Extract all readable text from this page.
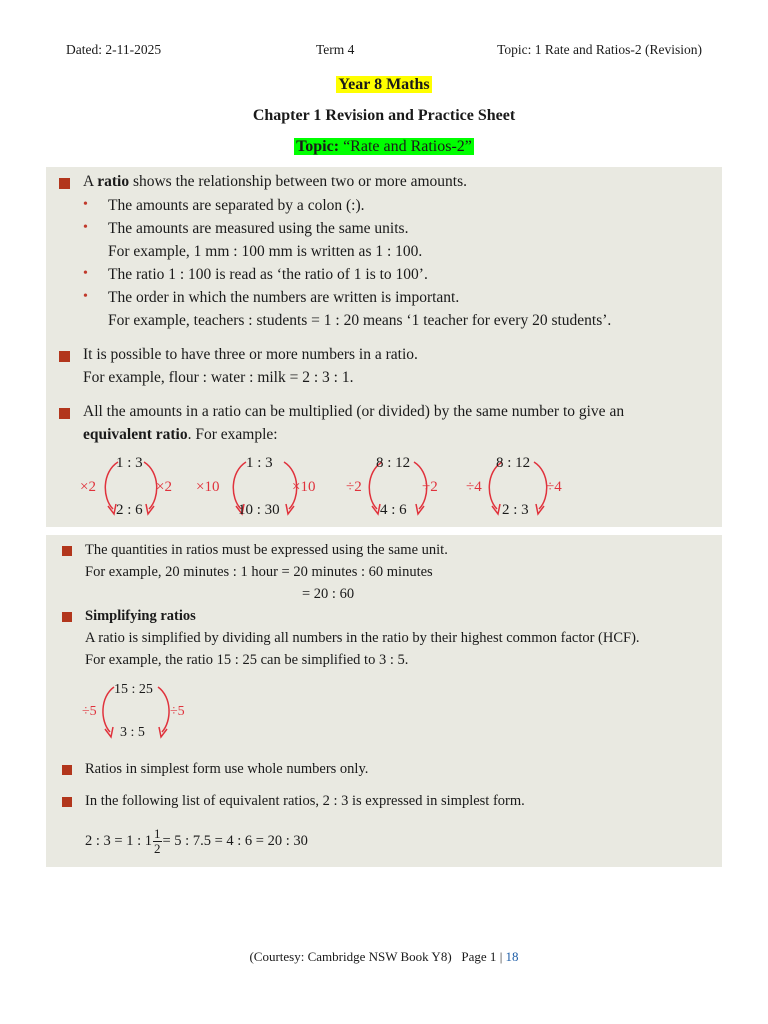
Dated: 2-11-2025	Term 4	Topic: 1 Rate and Ratios-2 (Revision)
Year 8 Maths
Chapter 1 Revision and Practice Sheet
Topic: “Rate and Ratios-2”
A ratio shows the relationship between two or more amounts.
• The amounts are separated by a colon (:).
• The amounts are measured using the same units.
For example, 1 mm : 100 mm is written as 1 : 100.
• The ratio 1 : 100 is read as ‘the ratio of 1 is to 100’.
• The order in which the numbers are written is important.
For example, teachers : students = 1 : 20 means ‘1 teacher for every 20 students’.
It is possible to have three or more numbers in a ratio.
For example, flour : water : milk = 2 : 3 : 1.
All the amounts in a ratio can be multiplied (or divided) by the same number to give an
equivalent ratio. For example:
1 : 3
2 : 6
×2	×2
1 : 3
10 : 30
×10	×10
8 : 12
4 : 6
÷2	÷2
8 : 12
2 : 3
÷4	÷4
The quantities in ratios must be expressed using the same unit.
For example, 20 minutes : 1 hour = 20 minutes : 60 minutes
= 20 : 60
Simplifying ratios
A ratio is simplified by dividing all numbers in the ratio by their highest common factor (HCF).
For example, the ratio 15 : 25 can be simplified to 3 : 5.
15 : 25
3 : 5
÷5	÷5
Ratios in simplest form use whole numbers only.
In the following list of equivalent ratios, 2 : 3 is expressed in simplest form.
2 : 3 = 1 : $1 \frac{1}{2} = 5$ : 7.5 = 4 : 6 = 20 : 30
(Courtesy: Cambridge NSW Book Y8) Page 1 | 18
